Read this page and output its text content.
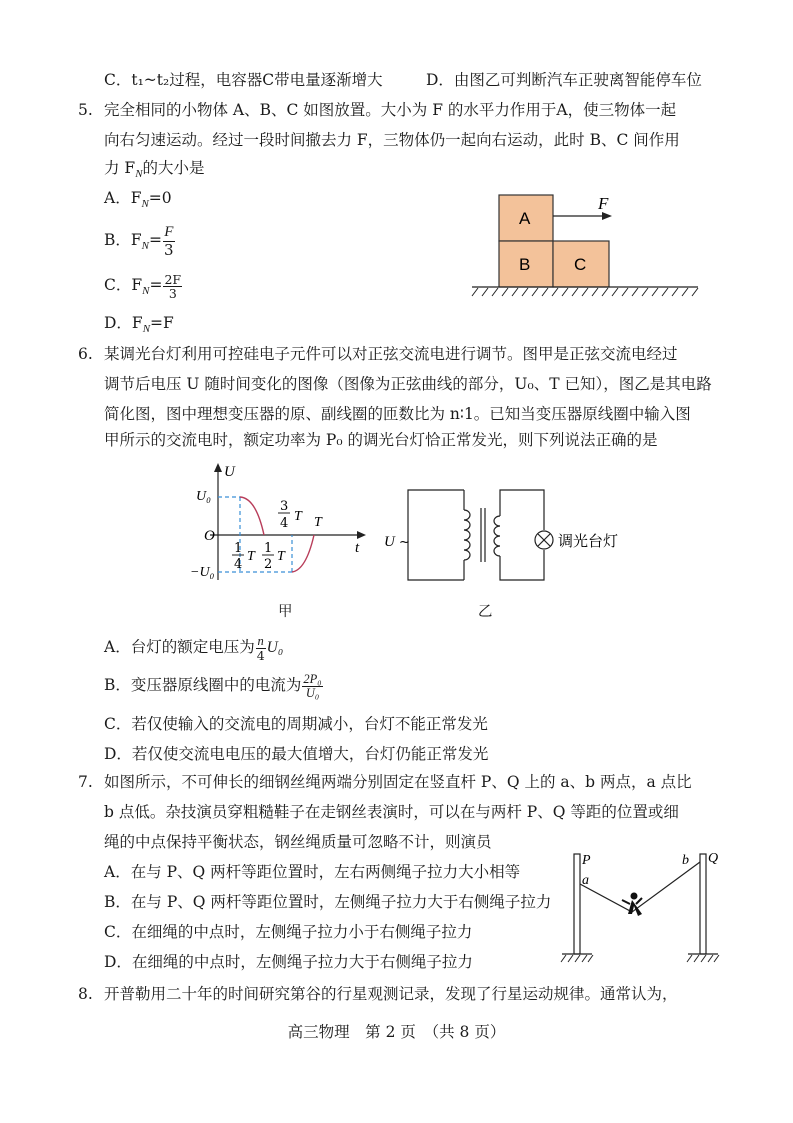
C．t₁~t₂过程，电容器C带电量逐渐增大	D．由图乙可判断汽车正驶离智能停车位
5. 完全相同的小物体 A、B、C 如图放置。大小为 F 的水平力作用于A，使三物体一起
向右匀速运动。经过一段时间撤去力 F，三物体仍一起向右运动，此时 B、C 间作用
力 $F_N$的大小是
A．$F_N=0$
B．$F_N= \frac{F}{3}$
C．$F_N= \frac{2F}{3}$
D．$F_N=F$
A
B	C
F
6. 某调光台灯利用可控硅电子元件可以对正弦交流电进行调节。图甲是正弦交流电经过
调节后电压 U 随时间变化的图像（图像为正弦曲线的部分，U₀、T 已知），图乙是其电路
简化图，图中理想变压器的原、副线圈的匝数比为 n∶1。已知当变压器原线圈中输入图
甲所示的交流电时，额定功率为 P₀ 的调光台灯恰正常发光，则下列说法正确的是
U
t
O
U₀
−U₀
1
4
T
1
2
T
3
4 T T
调光台灯
U ~
甲	乙
A．台灯的额定电压为 $\frac{n}{4} U_0$
B．变压器原线圈中的电流为 $\frac{\text{2P₀}}{\text{U₀}}$
C．若仅使输入的交流电的周期减小，台灯不能正常发光
D．若仅使交流电电压的最大值增大，台灯仍能正常发光
7. 如图所示，不可伸长的细钢丝绳两端分别固定在竖直杆 P、Q 上的 a、b 两点，a 点比
b 点低。杂技演员穿粗糙鞋子在走钢丝表演时，可以在与两杆 P、Q 等距的位置或细
绳的中点保持平衡状态，钢丝绳质量可忽略不计，则演员
A．在与 P、Q 两杆等距位置时，左右两侧绳子拉力大小相等
B．在与 P、Q 两杆等距位置时，左侧绳子拉力大于右侧绳子拉力
C．在细绳的中点时，左侧绳子拉力小于右侧绳子拉力
D．在细绳的中点时，左侧绳子拉力大于右侧绳子拉力
P
a
b Q
8. 开普勒用二十年的时间研究第谷的行星观测记录，发现了行星运动规律。通常认为，
高三物理　第 2 页　（共 8 页）
